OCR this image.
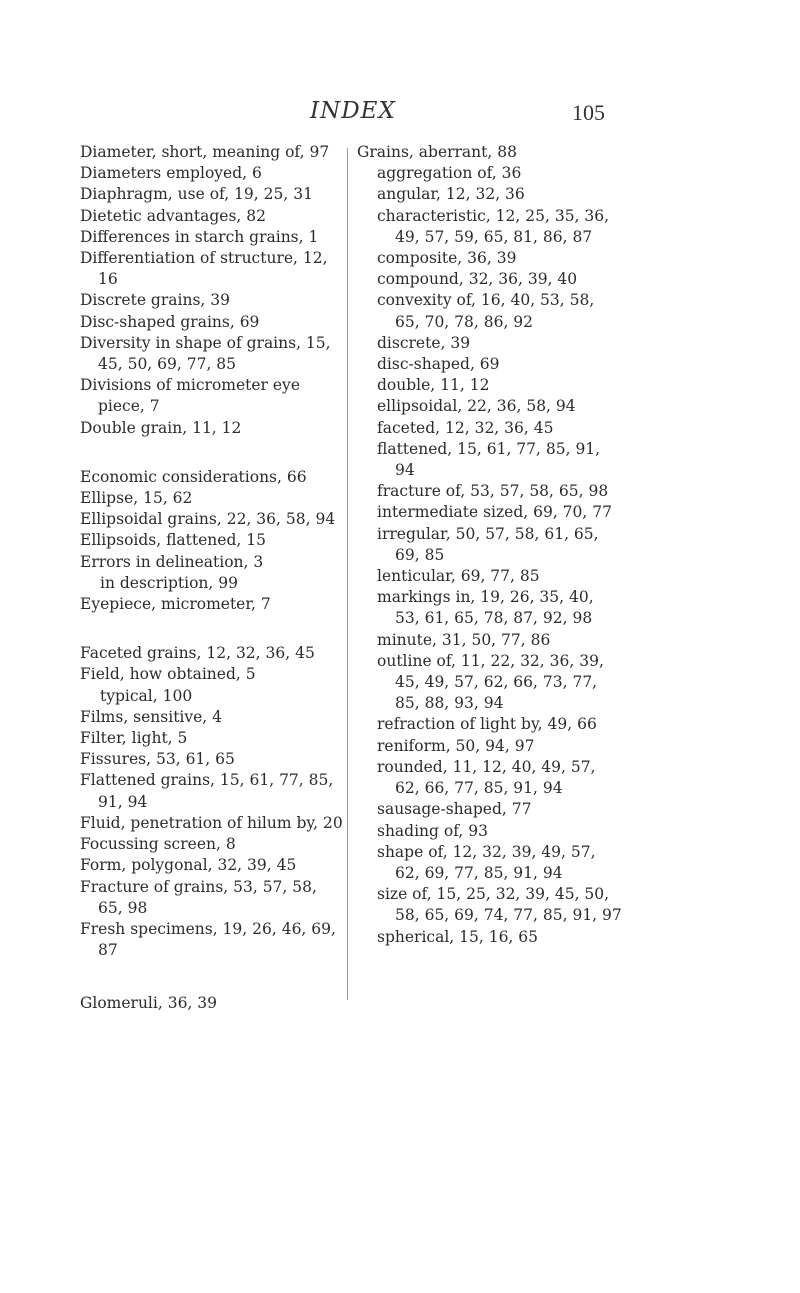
INDEX	105
Diameter, short, meaning of, 97
Diameters employed, 6
Diaphragm, use of, 19, 25, 31
Dietetic advantages, 82
Differences in starch grains, 1
Differentiation of structure, 12, 16
Discrete grains, 39
Disc-shaped grains, 69
Diversity in shape of grains, 15, 45, 50, 69, 77, 85
Divisions of micrometer eye piece, 7
Double grain, 11, 12
Economic considerations, 66
Ellipse, 15, 62
Ellipsoidal grains, 22, 36, 58, 94
Ellipsoids, flattened, 15
Errors in delineation, 3
in description, 99
Eyepiece, micrometer, 7
Faceted grains, 12, 32, 36, 45
Field, how obtained, 5
typical, 100
Films, sensitive, 4
Filter, light, 5
Fissures, 53, 61, 65
Flattened grains, 15, 61, 77, 85, 91, 94
Fluid, penetration of hilum by, 20
Focussing screen, 8
Form, polygonal, 32, 39, 45
Fracture of grains, 53, 57, 58, 65, 98
Fresh specimens, 19, 26, 46, 69, 87
Glomeruli, 36, 39
Grains, aberrant, 88
aggregation of, 36
angular, 12, 32, 36
characteristic, 12, 25, 35, 36, 49, 57, 59, 65, 81, 86, 87
composite, 36, 39
compound, 32, 36, 39, 40
convexity of, 16, 40, 53, 58, 65, 70, 78, 86, 92
discrete, 39
disc-shaped, 69
double, 11, 12
ellipsoidal, 22, 36, 58, 94
faceted, 12, 32, 36, 45
flattened, 15, 61, 77, 85, 91, 94
fracture of, 53, 57, 58, 65, 98
intermediate sized, 69, 70, 77
irregular, 50, 57, 58, 61, 65, 69, 85
lenticular, 69, 77, 85
markings in, 19, 26, 35, 40, 53, 61, 65, 78, 87, 92, 98
minute, 31, 50, 77, 86
outline of, 11, 22, 32, 36, 39, 45, 49, 57, 62, 66, 73, 77, 85, 88, 93, 94
refraction of light by, 49, 66
reniform, 50, 94, 97
rounded, 11, 12, 40, 49, 57, 62, 66, 77, 85, 91, 94
sausage-shaped, 77
shading of, 93
shape of, 12, 32, 39, 49, 57, 62, 69, 77, 85, 91, 94
size of, 15, 25, 32, 39, 45, 50, 58, 65, 69, 74, 77, 85, 91, 97
spherical, 15, 16, 65
